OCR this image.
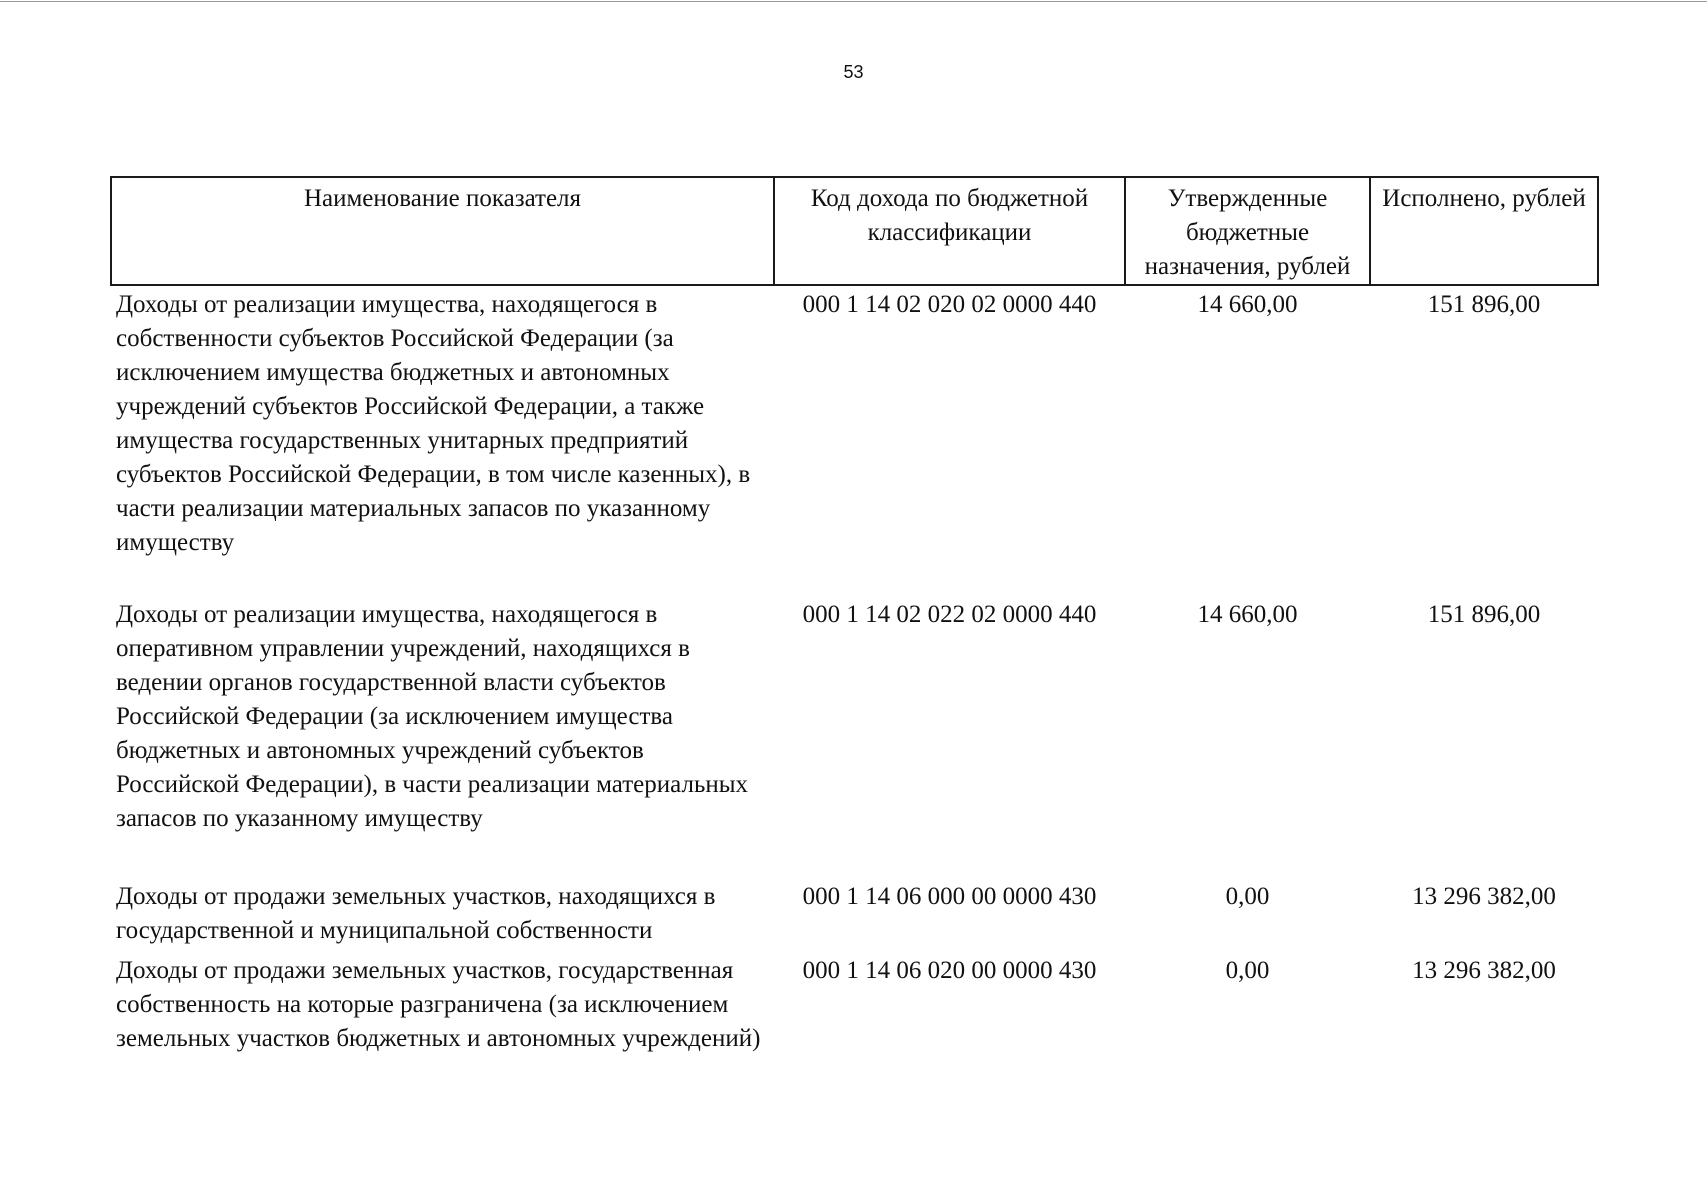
53
Наименование показателя	Код дохода по бюджетной классификации	Утвержденные бюджетные назначения, рублей	Исполнено, рублей
Доходы от реализации имущества, находящегося в собственности субъектов Российской Федерации (за исключением имущества бюджетных и автономных учреждений субъектов Российской Федерации, а также имущества государственных унитарных предприятий субъектов Российской Федерации, в том числе казенных), в части реализации материальных запасов по указанному имуществу	000 1 14 02 020 02 0000 440	14 660,00	151 896,00
Доходы от реализации имущества, находящегося в оперативном управлении учреждений, находящихся в ведении органов государственной власти субъектов Российской Федерации (за исключением имущества бюджетных и автономных учреждений субъектов Российской Федерации), в части реализации материальных запасов по указанному имуществу	000 1 14 02 022 02 0000 440	14 660,00	151 896,00
Доходы от продажи земельных участков, находящихся в государственной и муниципальной собственности	000 1 14 06 000 00 0000 430	0,00	13 296 382,00
Доходы от продажи земельных участков, государственная собственность на которые разграничена (за исключением земельных участков бюджетных и автономных учреждений)	000 1 14 06 020 00 0000 430	0,00	13 296 382,00
